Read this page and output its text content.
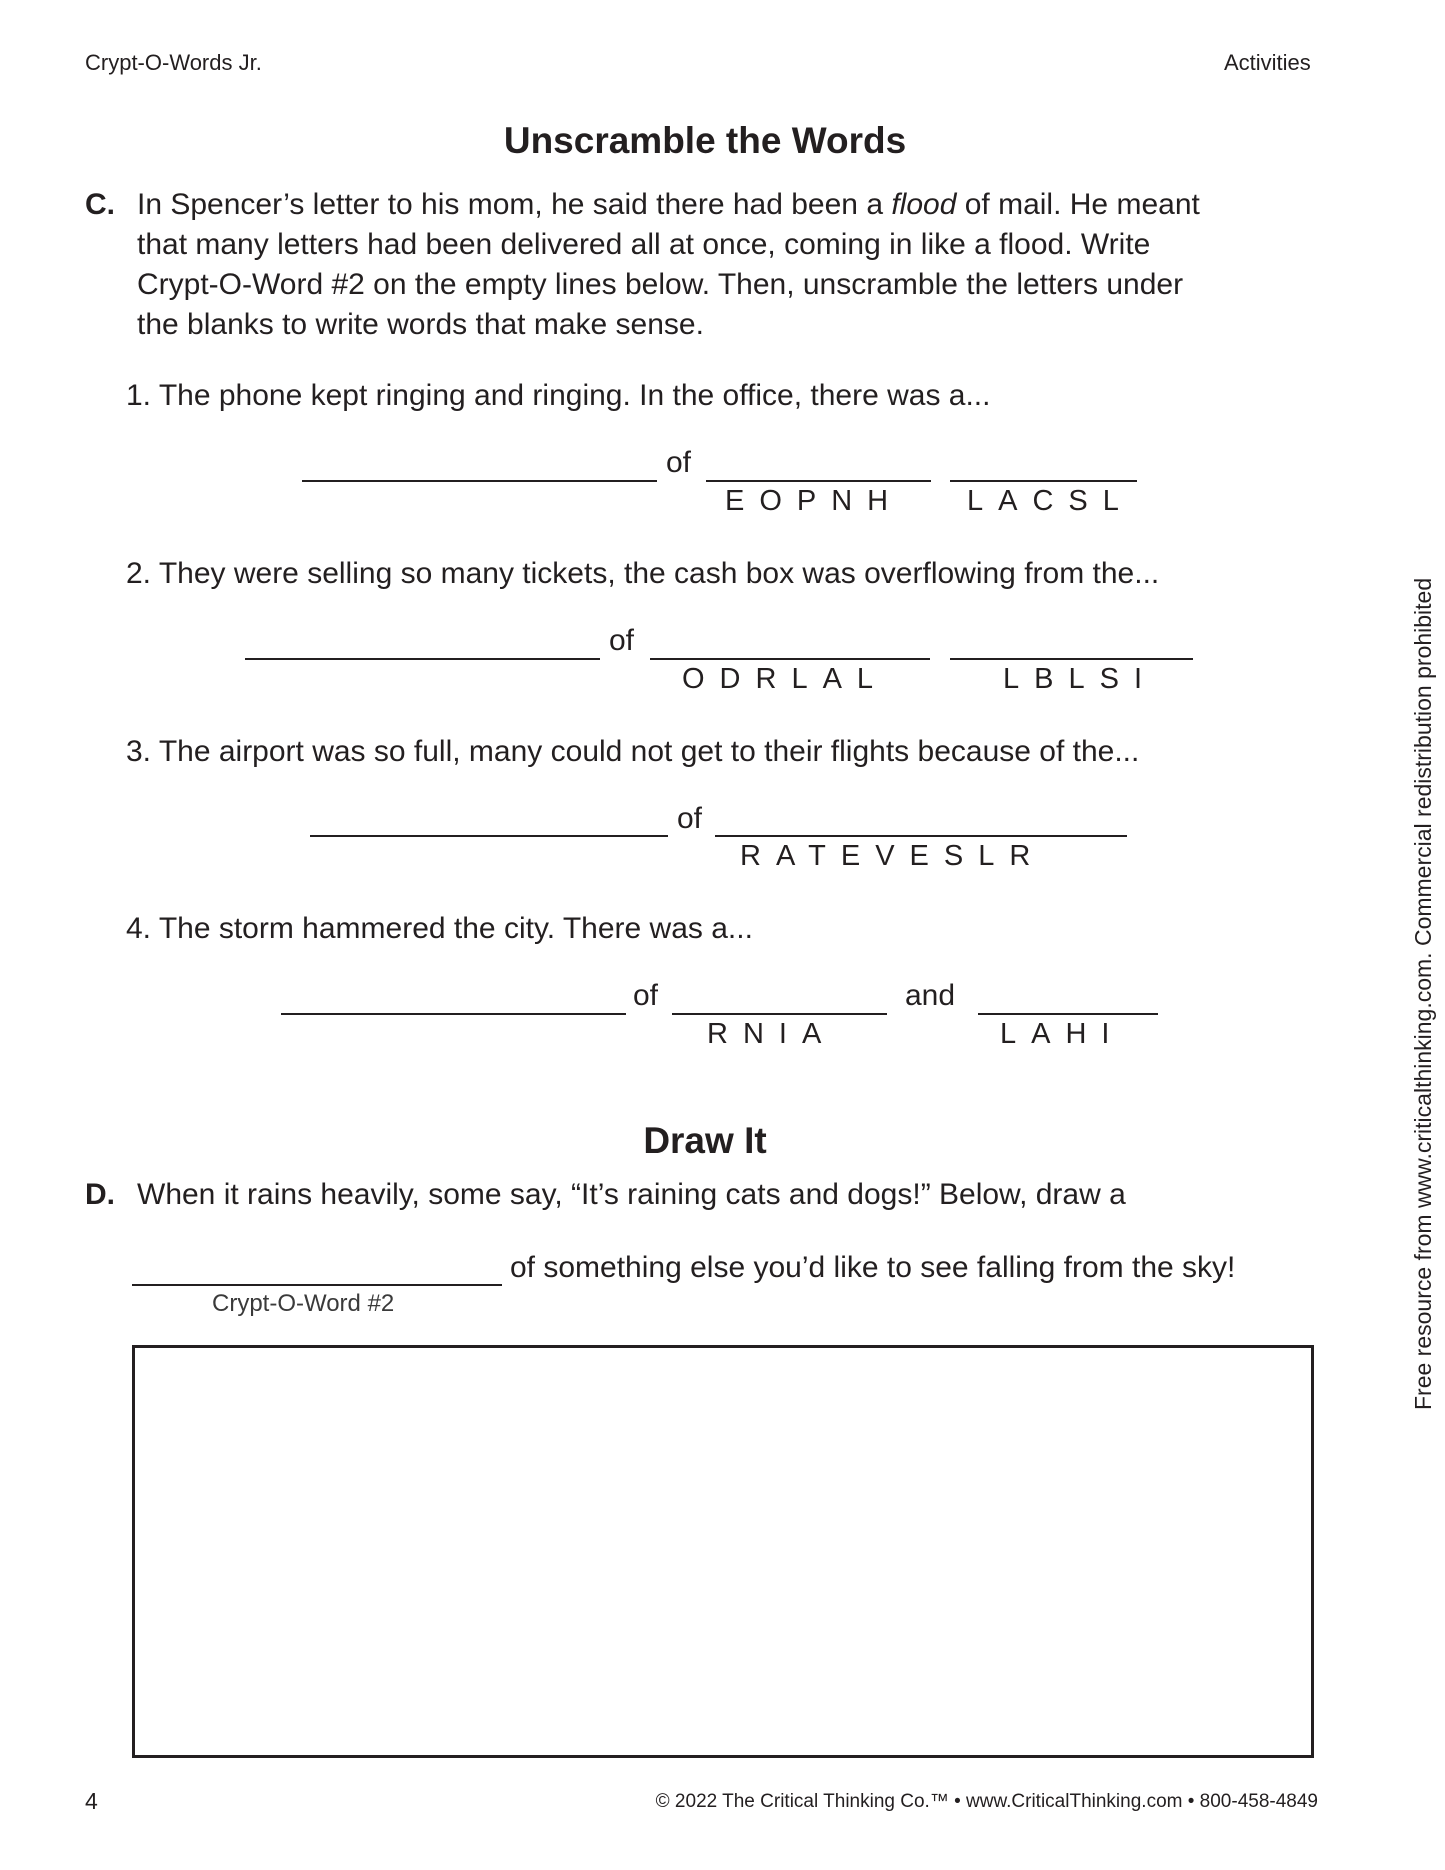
Crypt-O-Words Jr.	Activities
Unscramble the Words
C. In Spencer’s letter to his mom, he said there had been a flood of mail. He meant
that many letters had been delivered all at once, coming in like a flood. Write
Crypt-O-Word #2 on the empty lines below. Then, unscramble the letters under
the blanks to write words that make sense.
1. The phone kept ringing and ringing. In the office, there was a...
of
EOPNH LACSL
2. They were selling so many tickets, the cash box was overflowing from the...
of
ODRLAL	LBLSI
3. The airport was so full, many could not get to their flights because of the...
of
RATEVESLR
4. The storm hammered the city. There was a...
of	and
RNIA	LAHI
Draw It
D. When it rains heavily, some say, “It’s raining cats and dogs!” Below, draw a
of something else you’d like to see falling from the sky!
Crypt-O-Word #2	Free resource from www.criticalthinking.com. Commercial redistribution prohibited
4	© 2022 The Critical Thinking Co.™ • www.CriticalThinking.com • 800-458-4849
